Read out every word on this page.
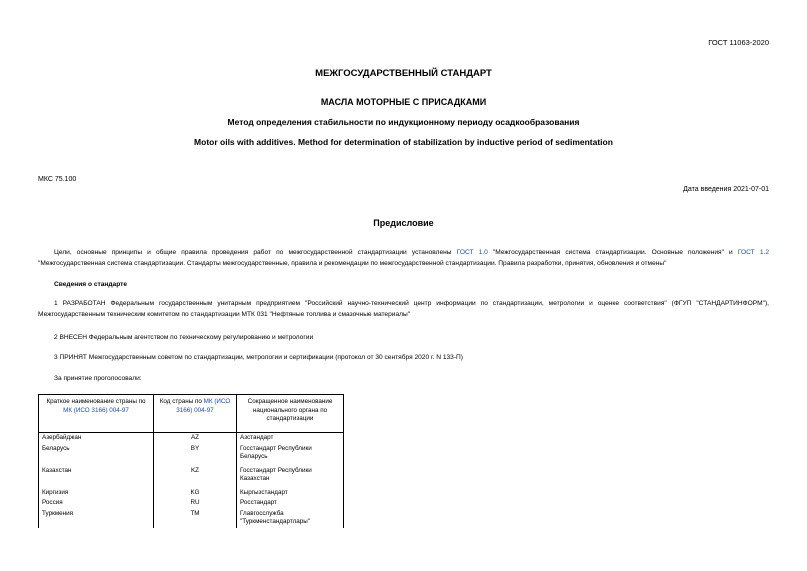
ГОСТ 11063-2020
МЕЖГОСУДАРСТВЕННЫЙ СТАНДАРТ
МАСЛА МОТОРНЫЕ С ПРИСАДКАМИ
Метод определения стабильности по индукционному периоду осадкообразования
Motor oils with additives. Method for determination of stabilization by inductive period of sedimentation
МКС 75.100
Дата введения 2021-07-01
Предисловие
Цели, основные принципы и общие правила проведения работ по межгосударственной стандартизации установлены ГОСТ 1.0 "Межгосударственная система стандартизации. Основные положения" и ГОСТ 1.2 "Межгосударственная система стандартизации. Стандарты межгосударственные, правила и рекомендации по межгосударственной стандартизации. Правила разработки, принятия, обновления и отмены"
Сведения о стандарте
1 РАЗРАБОТАН Федеральным государственным унитарным предприятием "Российский научно-технический центр информации по стандартизации, метрологии и оценке соответствия" (ФГУП "СТАНДАРТИНФОРМ"), Межгосударственным техническим комитетом по стандартизации МТК 031 "Нефтяные топлива и смазочные материалы"
2 ВНЕСЕН Федеральным агентством по техническому регулированию и метрологии
3 ПРИНЯТ Межгосударственным советом по стандартизации, метрологии и сертификации (протокол от 30 сентября 2020 г. N 133-П)
За принятие проголосовали:
Краткое наименование страны по МК (ИСО 3166) 004-97	Код страны по МК (ИСО 3166) 004-97	Сокращенное наименование национального органа по стандартизации
Азербайджан	AZ	Азстандарт
Беларусь	BY	Госстандарт Республики Беларусь
Казахстан	KZ	Госстандарт Республики Казахстан
Киргизия	KG	Кыргызстандарт
Россия	RU	Росстандарт
Туркмения	TM	Главгосслужба "Туркменстандартлары"
